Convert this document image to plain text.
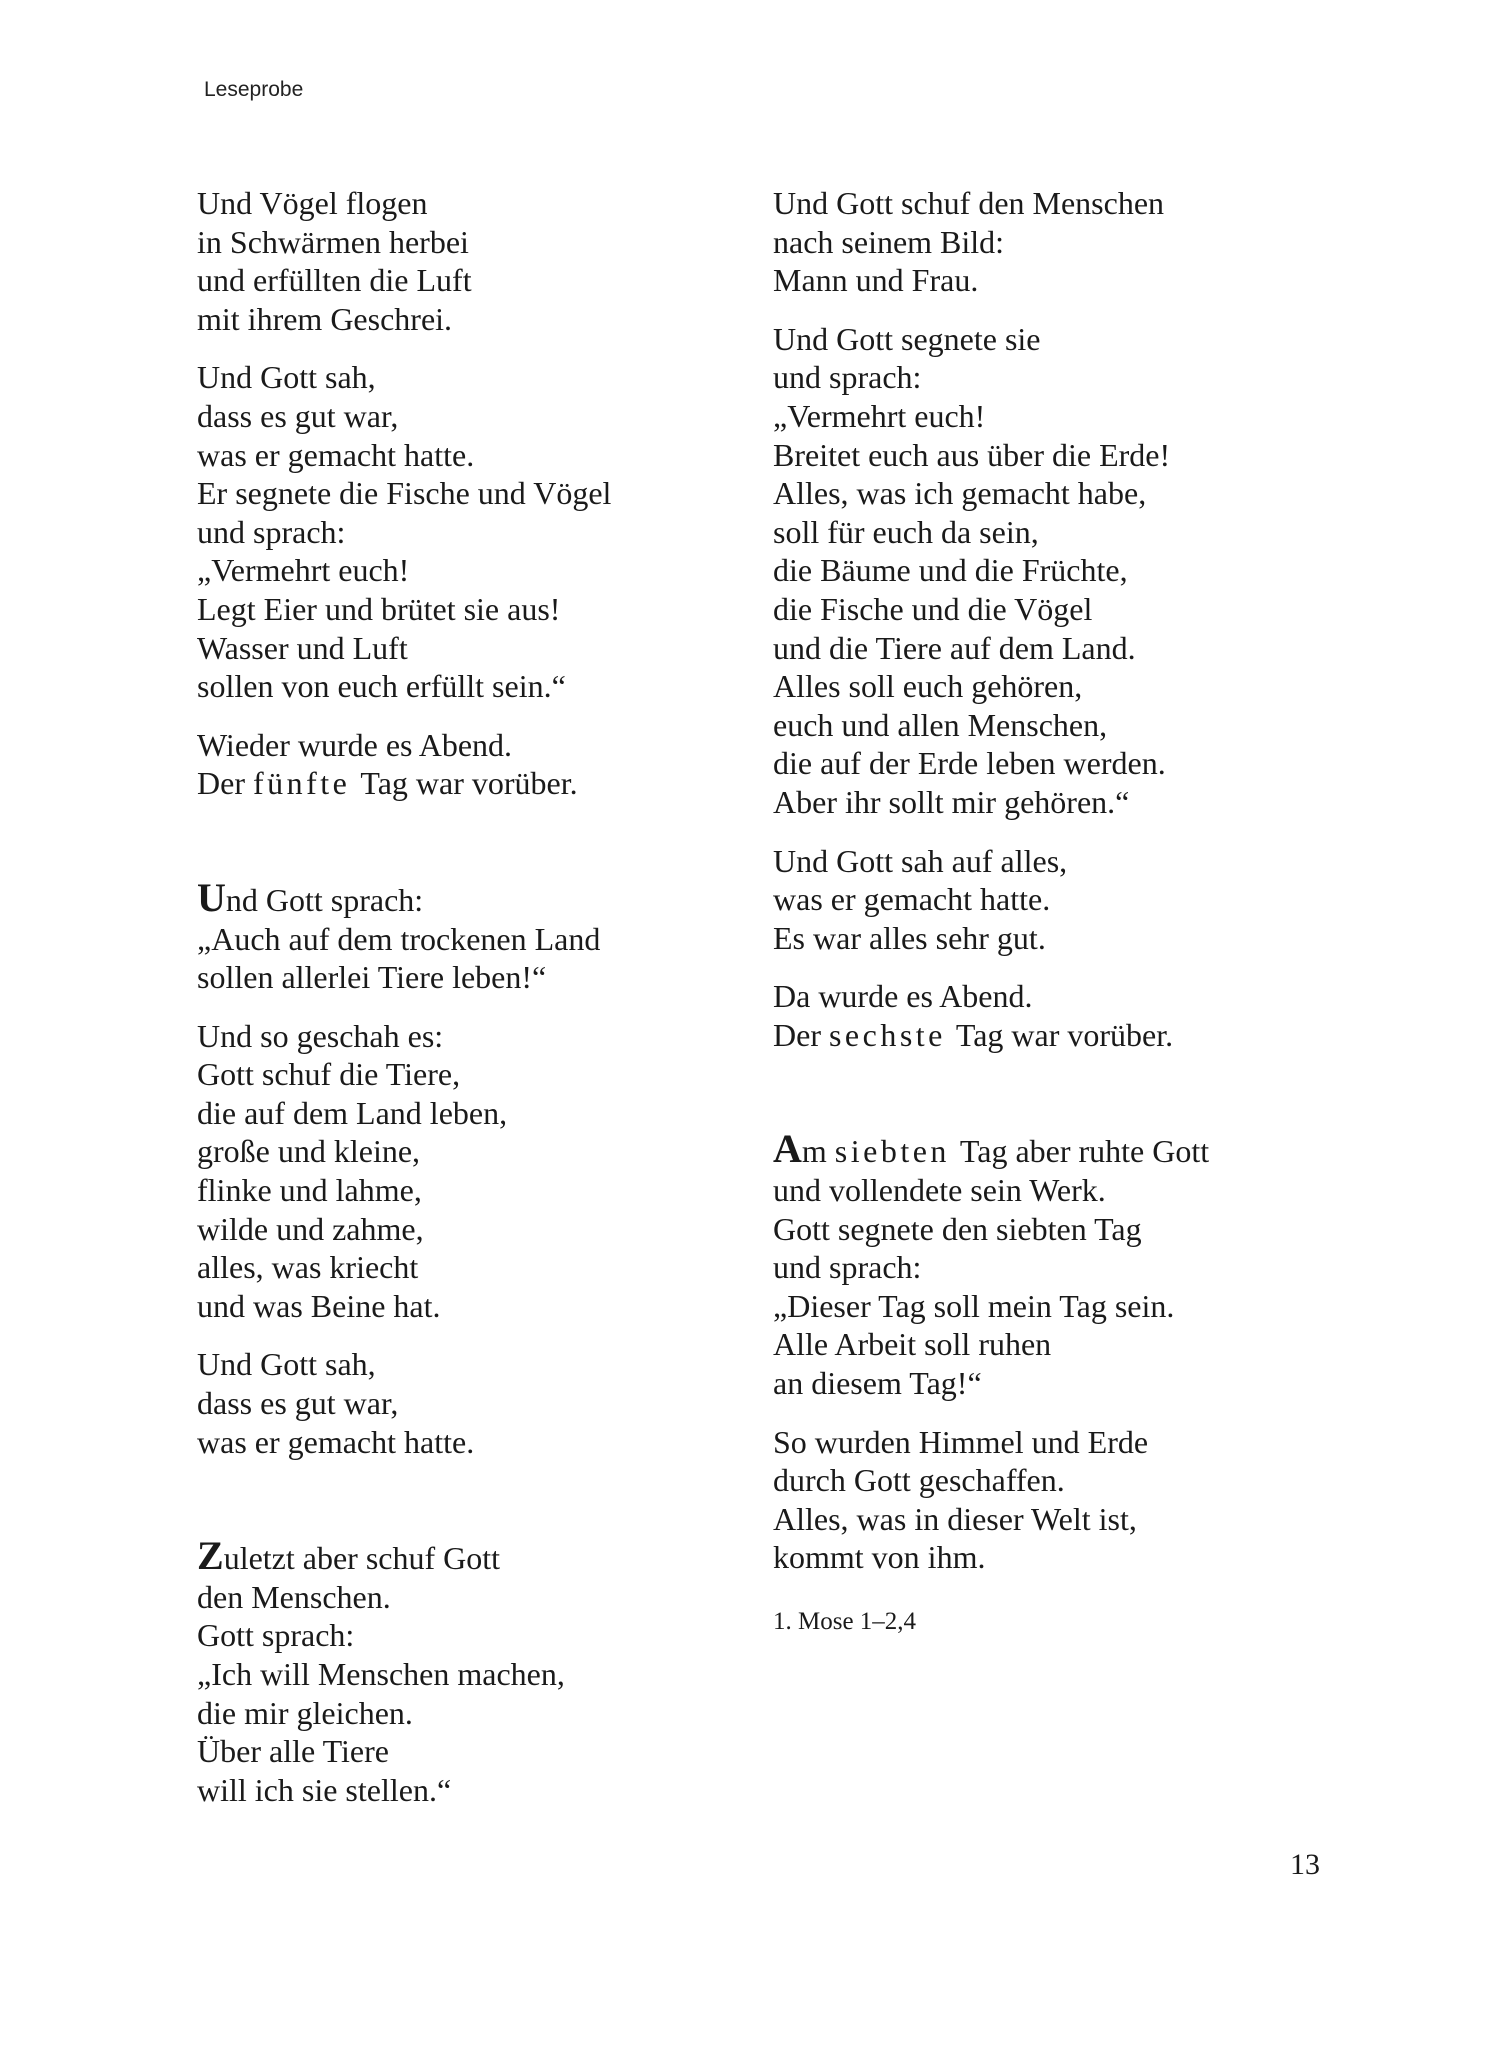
Leseprobe
Und Vögel flogen
in Schwärmen herbei
und erfüllten die Luft
mit ihrem Geschrei.
Und Gott sah,
dass es gut war,
was er gemacht hatte.
Er segnete die Fische und Vögel
und sprach:
„Vermehrt euch!
Legt Eier und brütet sie aus!
Wasser und Luft
sollen von euch erfüllt sein.“
Wieder wurde es Abend.
Der fünfte Tag war vorüber.
Und Gott sprach:
„Auch auf dem trockenen Land
sollen allerlei Tiere leben!“
Und so geschah es:
Gott schuf die Tiere,
die auf dem Land leben,
große und kleine,
flinke und lahme,
wilde und zahme,
alles, was kriecht
und was Beine hat.
Und Gott sah,
dass es gut war,
was er gemacht hatte.
Zuletzt aber schuf Gott
den Menschen.
Gott sprach:
„Ich will Menschen machen,
die mir gleichen.
Über alle Tiere
will ich sie stellen.“
Und Gott schuf den Menschen
nach seinem Bild:
Mann und Frau.
Und Gott segnete sie
und sprach:
„Vermehrt euch!
Breitet euch aus über die Erde!
Alles, was ich gemacht habe,
soll für euch da sein,
die Bäume und die Früchte,
die Fische und die Vögel
und die Tiere auf dem Land.
Alles soll euch gehören,
euch und allen Menschen,
die auf der Erde leben werden.
Aber ihr sollt mir gehören.“
Und Gott sah auf alles,
was er gemacht hatte.
Es war alles sehr gut.
Da wurde es Abend.
Der sechste Tag war vorüber.
Am siebten Tag aber ruhte Gott
und vollendete sein Werk.
Gott segnete den siebten Tag
und sprach:
„Dieser Tag soll mein Tag sein.
Alle Arbeit soll ruhen
an diesem Tag!“
So wurden Himmel und Erde
durch Gott geschaffen.
Alles, was in dieser Welt ist,
kommt von ihm.
1. Mose 1–2,4
13
